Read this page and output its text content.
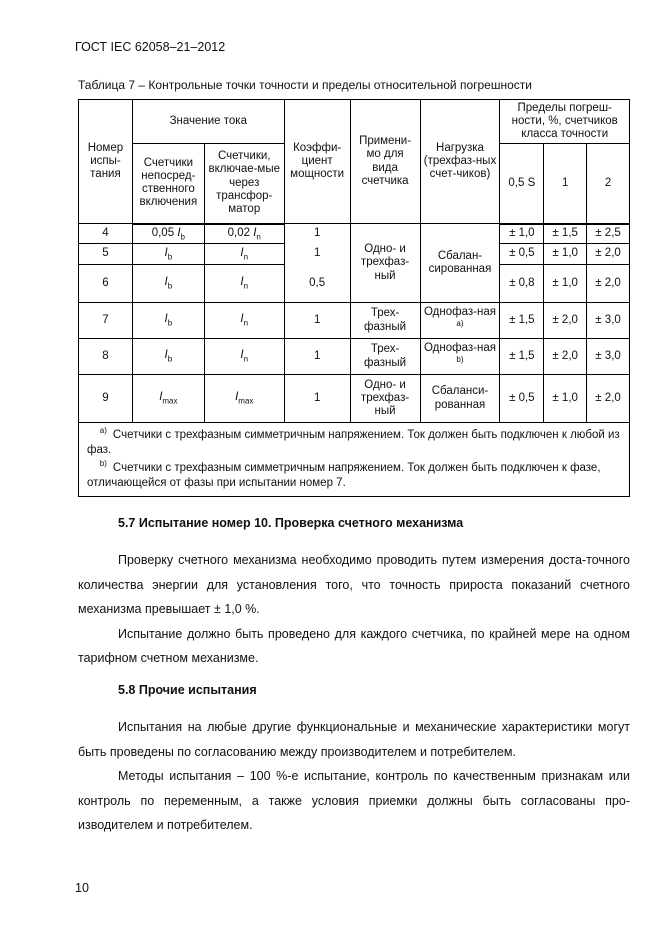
ГОСТ IEC 62058–21–2012
Таблица 7 – Контрольные точки точности и пределы относительной погрешности
Номер испы-тания	Значение тока		Коэффи-циент мощности	Примени-мо для вида счетчика	Нагрузка (трехфаз-ных счет-чиков)	Пределы погреш-ности, %, счетчиков класса точности		
	Счетчики непосред-ственного включения	Счетчики, включае-мые через трансфор-матор				0,5 S	1	2
4	0,05 $I_b$	0,02 $I_n$	1	Одно- и трехфаз-ный	Сбалан-сированная	± 1,0	± 1,5	± 2,5
5	$I_b$	$I_n$	1			± 0,5	± 1,0	± 2,0
6	$I_b$	$I_n$	0,5			± 0,8	± 1,0	± 2,0
7	$I_b$	$I_n$	1	Трех-фазный	Однофаз-ная $^{a)}$	± 1,5	± 2,0	± 3,0
8	$I_b$	$I_n$	1	Трех-фазный	Однофаз-ная $^{b)}$	± 1,5	± 2,0	± 3,0
9	$I_{max}$	$I_{max}$	1	Одно- и трехфаз-ный	Сбаланси-рованная	± 0,5	± 1,0	± 2,0

$^{a)}$ Счетчики с трехфазным симметричным напряжением. Ток должен быть подключен к любой из фаз.
$^{b)}$ Счетчики с трехфазным симметричным напряжением. Ток должен быть подключен к фазе, отличающейся от фазы при испытании номер 7.								
5.7 Испытание номер 10. Проверка счетного механизма

Проверку счетного механизма необходимо проводить путем измерения доста-точного количества энергии для установления того, что точность прироста показаний счетного механизма превышает ± 1,0 %.

Испытание должно быть проведено для каждого счетчика, по крайней мере на одном тарифном счетном механизме.

5.8 Прочие испытания

Испытания на любые другие функциональные и механические характеристики могут быть проведены по согласованию между производителем и потребителем.

Методы испытания – 100 %-е испытание, контроль по качественным признакам или контроль по переменным, а также условия приемки должны быть согласованы про-изводителем и потребителем.

10
